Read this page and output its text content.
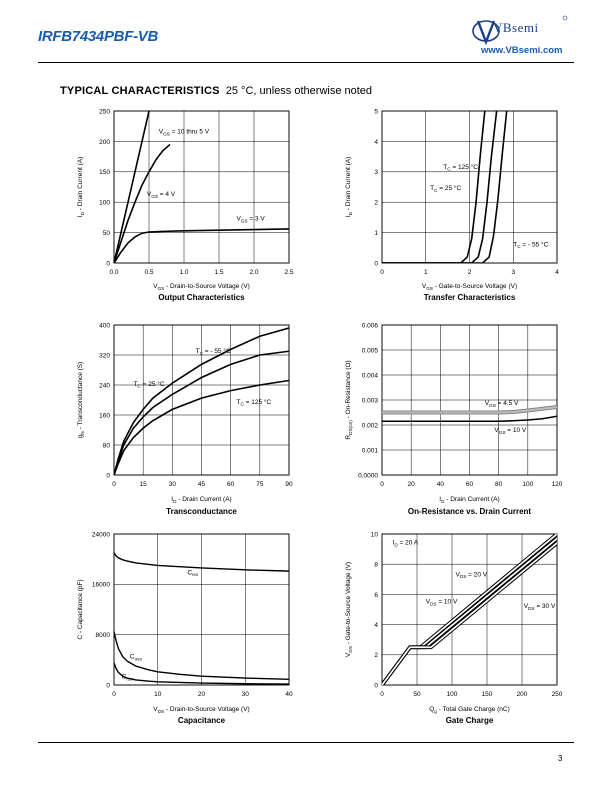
IRFB7434PBF-VB
VBsemi
www.VBsemi.com
TYPICAL CHARACTERISTICS 25 °C, unless otherwise noted
0.0	0.5	1.0	1.5	2.0	2.5
0
50
100
150
200
250
$V_{GS} = 10$ thru 5 V
$V_{GS} = 4$ V
$V_{GS} = 3$ V
$V_{GS}$ - Drain-to-Source Voltage (V)
$I_D$ - Drain Current (A)
Output Characteristics
0	1	2	3	4
0
1
2
3
4
5
$T_C = 125$ °C
$T_C = 25$ °C
$T_C$ = - 55 °C
$V_{GS}$ - Gate-to-Source Voltage (V)
$I_D$ - Drain Current (A)
Transfer Characteristics
0	15	30	45	60	75	90
0
80
160
240
320
400
$T_C$ = - 55 °C
$T_C = 25$ °C
$T_C = 125$ °C
$I_D$ - Drain Current (A)
$g_{fs}$ - Transconductance (S)
Transconductance
0	20	40	60	80	100	120
0.0000
0.001
0.002
0.003
0.004
0.005
0.006
$V_{GS} = 4.5$ V
$V_{GS} = 10$ V
$I_D$ - Drain Current (A)
$R_{DS(on)}$ - On-Resistance (Ω)
On-Resistance vs. Drain Current
0	10	20	30	40
0
8000
16000
24000
$C_{iss}$
$C_{oss}$
$C_{rss}$
$V_{DS}$ - Drain-to-Source Voltage (V)
C - Capacitance (pF)
Capacitance
0	50	100	150	200	250
0
2
4
6
8
10
$I_D = 20$ A
$V_{DS} = 20$ V
$V_{DS} = 10$ V
$V_{DS} = 30$ V
$Q_g$ - Total Gate Charge (nC)
$V_{GS}$ - Gate-to-Source Voltage (V)
Gate Charge
3
